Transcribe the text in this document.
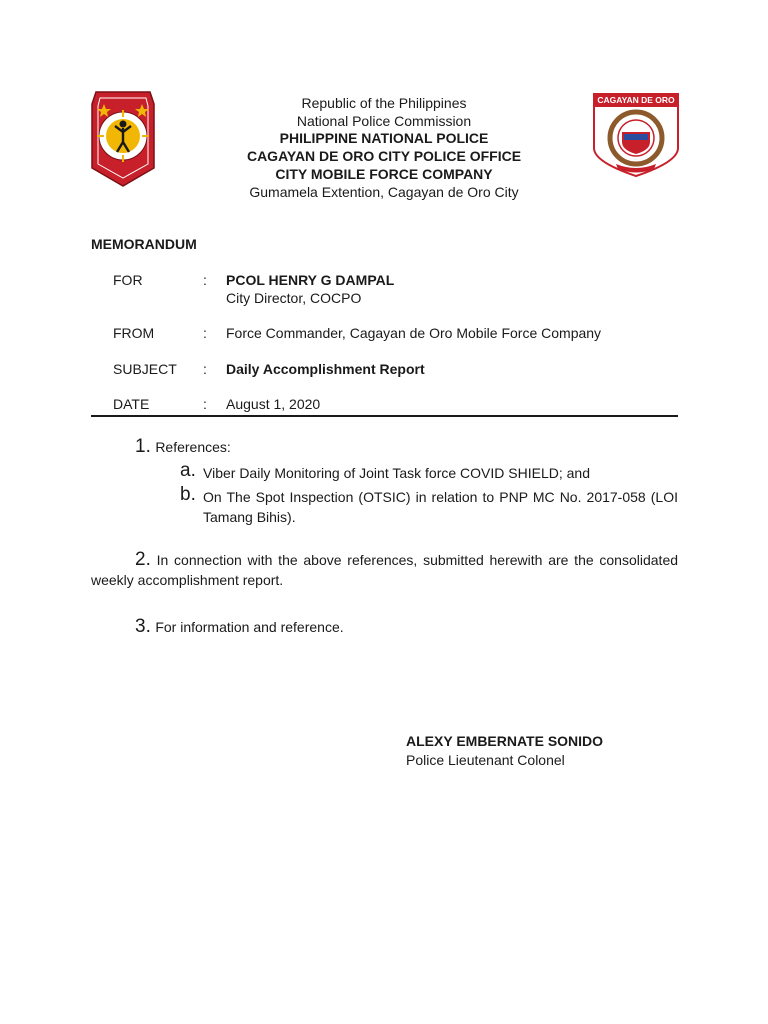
CAGAYAN DE ORO
Republic of the Philippines
National Police Commission
PHILIPPINE NATIONAL POLICE
CAGAYAN DE ORO CITY POLICE OFFICE
CITY MOBILE FORCE COMPANY
Gumamela Extention, Cagayan de Oro City
MEMORANDUM
FOR	: PCOL HENRY G DAMPAL
City Director, COCPO
FROM	: Force Commander, Cagayan de Oro Mobile Force Company
SUBJECT : Daily Accomplishment Report
DATE	: August 1, 2020
1. References:
a. Viber Daily Monitoring of Joint Task force COVID SHIELD; and
b. On The Spot Inspection (OTSIC) in relation to PNP MC No. 2017-058 (LOI Tamang Bihis).
2. In connection with the above references, submitted herewith are the consolidated weekly accomplishment report.
3. For information and reference.
ALEXY EMBERNATE SONIDO
Police Lieutenant Colonel
